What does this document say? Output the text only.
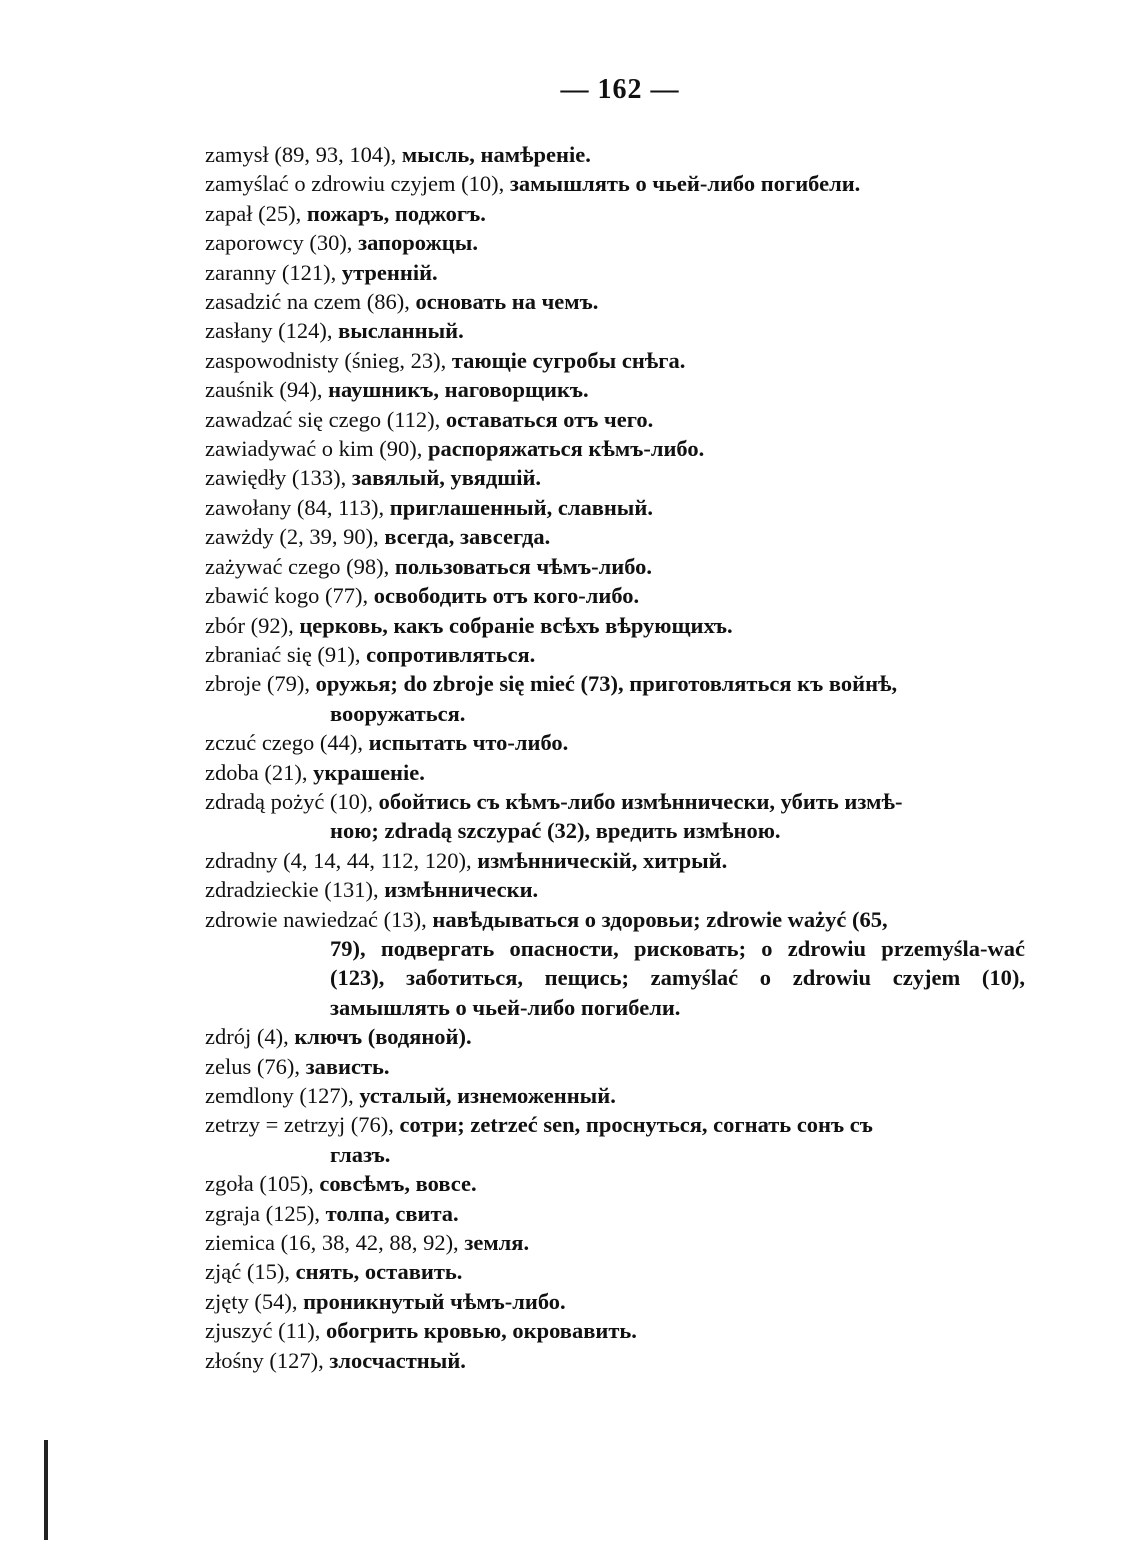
— 162 —
zamysł (89, 93, 104), мысль, намѣреніе.
zamyślać o zdrowiu czyjem (10), замышлять о чьей-либо погибели.
zapał (25), пожаръ, поджогъ.
zaporowcy (30), запорожцы.
zaranny (121), утренній.
zasadzić na czem (86), основать на чемъ.
zasłany (124), высланный.
zaspowodnisty (śnieg, 23), тающіе сугробы снѣга.
zauśnik (94), наушникъ, наговорщикъ.
zawadzać się czego (112), оставаться отъ чего.
zawiadywać o kim (90), распоряжаться кѣмъ-либо.
zawiędły (133), завялый, увядшій.
zawołany (84, 113), приглашенный, славный.
zawżdy (2, 39, 90), всегда, завсегда.
zażywać czego (98), пользоваться чѣмъ-либо.
zbawić kogo (77), освободить отъ кого-либо.
zbór (92), церковь, какъ собраніе всѣхъ вѣрующихъ.
zbraniać się (91), сопротивляться.
zbroje (79), оружья; do zbroje się mieć (73), приготовляться къ войнѣ,
вооружаться.
zczuć czego (44), испытать что-либо.
zdoba (21), украшеніе.
zdradą pożyć (10), обойтись съ кѣмъ-либо измѣннически, убить измѣ-
ною; zdradą szczypać (32), вредить измѣною.
zdradny (4, 14, 44, 112, 120), измѣнническій, хитрый.
zdradzieckie (131), измѣннически.
zdrowie nawiedzać (13), навѣдываться о здоровьи; zdrowie ważyć (65,
79), подвергать опасности, рисковать; o zdrowiu przemyśla-wać (123), заботиться, пещись; zamyślać o zdrowiu czyjem (10), замышлять о чьей-либо погибели.
zdrój (4), ключъ (водяной).
zelus (76), зависть.
zemdlony (127), усталый, изнеможенный.
zetrzy = zetrzyj (76), сотри; zetrzeć sen, проснуться, согнать сонъ съ
глазъ.
zgoła (105), совсѣмъ, вовсе.
zgraja (125), толпа, свита.
ziemica (16, 38, 42, 88, 92), земля.
zjąć (15), снять, оставить.
zjęty (54), проникнутый чѣмъ-либо.
zjuszyć (11), обогрить кровью, окровавить.
złośny (127), злосчастный.
